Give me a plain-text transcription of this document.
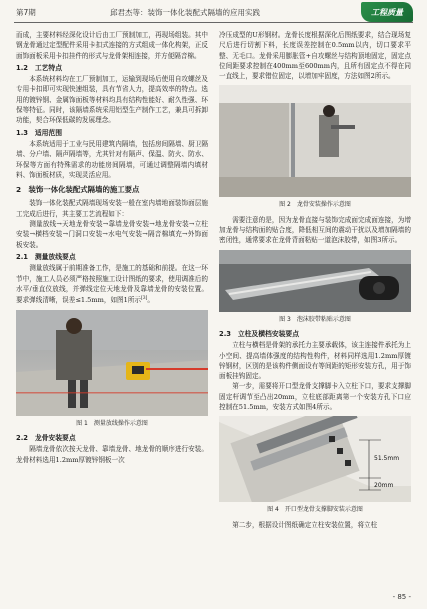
第7期	邱君杰等：装饰一体化装配式隔墙的应用实践	工程质量

而成，主要材料经深化设计后由工厂预制加工，再现场组装。其中钢龙骨通过定型配件采用卡扣式连接的方式组成一体化构架，正反面饰面板采用卡扣挂件的形式与龙骨架相连接，并方便隔音棉。

1.2　工艺特点

本系统材料均在工厂预制加工，运输到现场后使用自攻螺丝及专用卡扣即可实现快速组装，具有节省人力，提高效率的特点。选用的镀锌钢、金属饰面板等材料均具有结构性能好、耐久性强、环保等特征。同时，该隔墙系统采用铝型生产制作工艺，兼具可拆卸功能，契合环保低碳的发展理念。

1.3　适用范围

本系统适用于工业与民用建筑内隔墙，包括房间隔墙、厨卫隔墙、分户墙、隔声隔墙等，尤其针对有隔声、保温、防火、防水、环保等方面有特殊需求的功能房间隔墙，可通过调整隔墙内填材料、饰面板材质，实现灵活应用。

2　装饰一体化装配式隔墙的施工要点

装饰一体化装配式隔墙现场安装一般在室内墙地面装饰面层施工完成后进行，其主要工艺流程如下：

测量放线→天地龙骨安装→靠墙龙骨安装→地龙骨安装→立柱安装→横档安装→门洞口安装→水电气安装→隔音棉填充→外饰面板安装。

2.1　测量放线要点

测量放线属于前期准备工作，是施工的基础和前提。在这一环节中，施工人员必须严格按照施工设计图纸的要求，使用调准后的水平/垂直仪放线，并弹线定位天地龙骨及靠墙龙骨的安装位置。要求弹线清晰，误差≤1.5mm，如图1所示[3]。

图 1　测量放线操作示意图
2.2　龙骨安装要点

隔墙龙骨依次按天龙骨、靠墙龙骨、地龙骨的顺序进行安装。龙骨材料选用1.2mm厚镀锌钢板一次

冷压成型的U形钢材。龙骨长度根据深化后图纸要求，结合现场复尺后进行切割下料，长度误差控制在0.5mm以内，切口要求平整、无毛口。龙骨采用膨胀管+自攻螺丝与结构顶地固定，固定点位间距要求控制在400mm至600mm内，且所有固定点不得在同一直线上，要求错位固定，以增加牢固度，方法如图2所示。

图 2　龙骨安装操作示意图

需要注意的是，因为龙骨直接与装饰完成面完成面连接，为增加龙骨与结构面的贴合度，降低相互间的震动干扰以及增加隔墙的密闭性，通常要求在龙骨背面粘贴一道泡沫胶带，如图3所示。

图 3　泡沫胶带粘贴示意图
2.3　立柱及横档安装要点

立柱与横档是骨架的承托力主要承载体，该主连接件承托为上小空间、提高墙体强度的结构性构件，材料同样选用1.2mm厚镀锌钢材，区别的是该构件侧面设有等间距的矩形安装方孔，用于饰面板挂钩固定。

第一步，需要将开口型龙骨支撑脚卡入立柱下口，要求支撑脚固定杆调节至凸出20mm，立柱底部距离第一个安装方孔下口应控制在51.5mm，安装方式如图4所示。

51.5mm
20mm
图 4　开口型龙骨支撑脚安装示意图

第二步，根据设计图纸确定立柱安装位置，将立柱

- 85 -
